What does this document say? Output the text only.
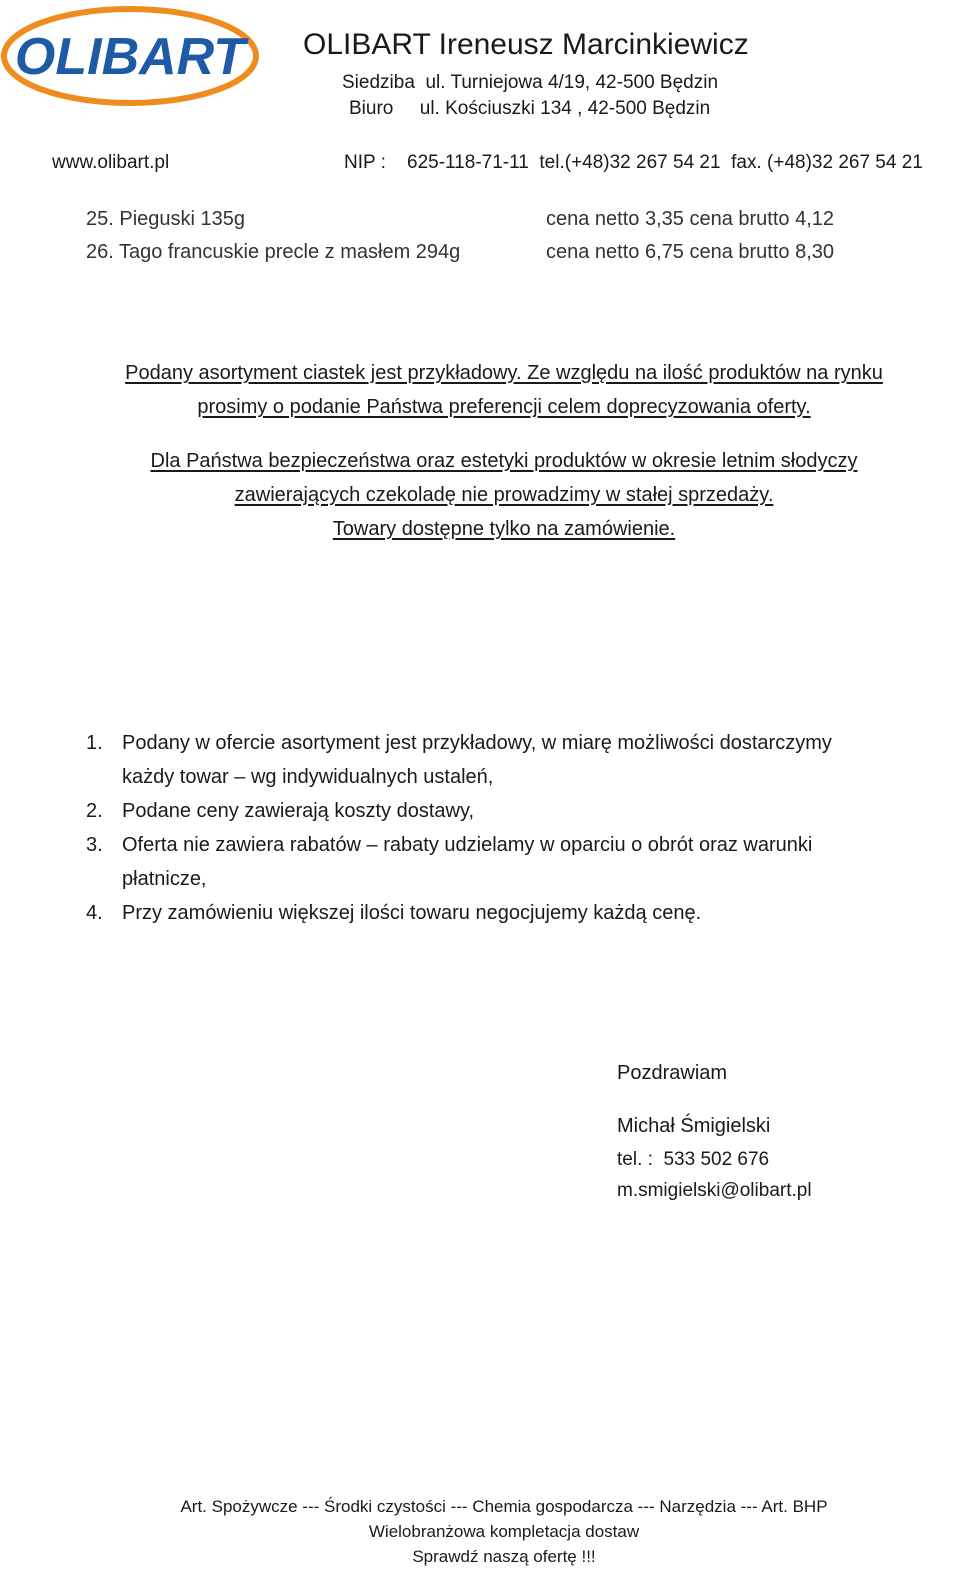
OLIBART OLIBART Ireneusz Marcinkiewicz
Siedziba  ul. Turniejowa 4/19, 42-500 Będzin
Biuro     ul. Kościuszki 134 , 42-500 Będzin
www.olibart.pl	NIP :    625-118-71-11  tel.(+48)32 267 54 21  fax. (+48)32 267 54 21
25. Pieguski 135g	cena netto 3,35 cena brutto 4,12
26. Tago francuskie precle z masłem 294g	cena netto 6,75 cena brutto 8,30
Podany asortyment ciastek jest przykładowy. Ze względu na ilość produktów na rynku
prosimy o podanie Państwa preferencji celem doprecyzowania oferty.
Dla Państwa bezpieczeństwa oraz estetyki produktów w okresie letnim słodyczy
zawierających czekoladę nie prowadzimy w stałej sprzedaży.
Towary dostępne tylko na zamówienie.
1. Podany w ofercie asortyment jest przykładowy, w miarę możliwości dostarczymy
każdy towar – wg indywidualnych ustaleń,
2. Podane ceny zawierają koszty dostawy,
3. Oferta nie zawiera rabatów – rabaty udzielamy w oparciu o obrót oraz warunki
płatnicze,
4. Przy zamówieniu większej ilości towaru negocjujemy każdą cenę.
Pozdrawiam
Michał Śmigielski
tel. :  533 502 676
m.smigielski@olibart.pl
Art. Spożywcze --- Środki czystości --- Chemia gospodarcza --- Narzędzia --- Art. BHP
Wielobranżowa kompletacja dostaw
Sprawdź naszą ofertę !!!
